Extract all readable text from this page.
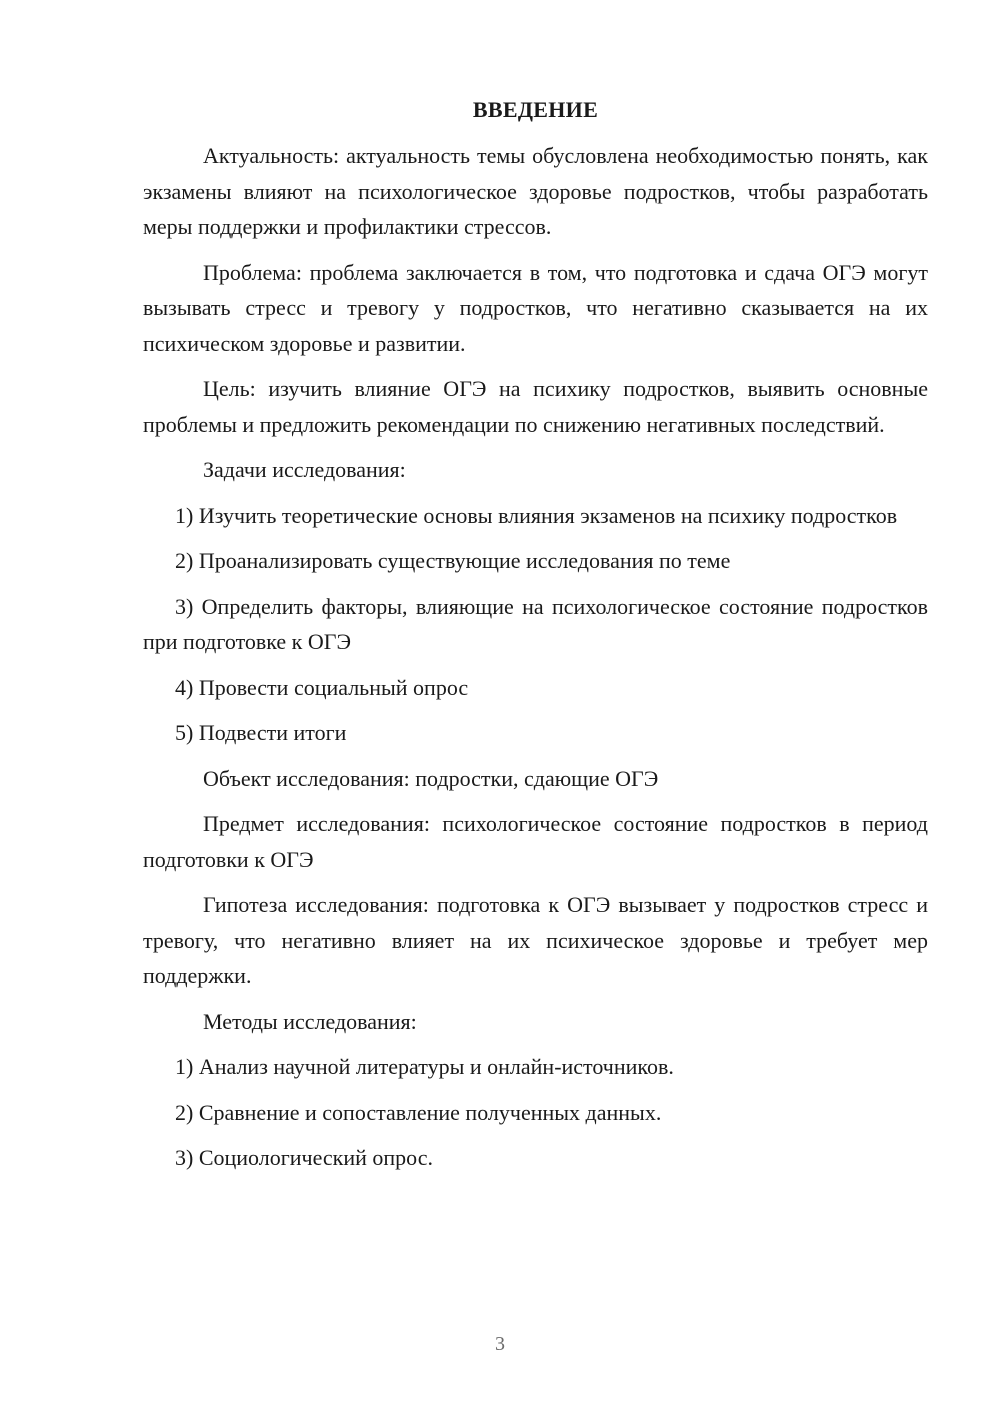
ВВЕДЕНИЕ

Актуальность: актуальность темы обусловлена необходимостью понять, как экзамены влияют на психологическое здоровье подростков, чтобы разработать меры поддержки и профилактики стрессов.

Проблема: проблема заключается в том, что подготовка и сдача ОГЭ могут вызывать стресс и тревогу у подростков, что негативно сказывается на их психическом здоровье и развитии.

Цель: изучить влияние ОГЭ на психику подростков, выявить основные проблемы и предложить рекомендации по снижению негативных последствий.

Задачи исследования:

1) Изучить теоретические основы влияния экзаменов на психику подростков

2) Проанализировать существующие исследования по теме

3) Определить факторы, влияющие на психологическое состояние подростков при подготовке к ОГЭ

4) Провести социальный опрос

5) Подвести итоги

Объект исследования: подростки, сдающие ОГЭ

Предмет исследования: психологическое состояние подростков в период подготовки к ОГЭ

Гипотеза исследования: подготовка к ОГЭ вызывает у подростков стресс и тревогу, что негативно влияет на их психическое здоровье и требует мер поддержки.

Методы исследования:

1) Анализ научной литературы и онлайн-источников.

2) Сравнение и сопоставление полученных данных.

3) Социологический опрос.

3
